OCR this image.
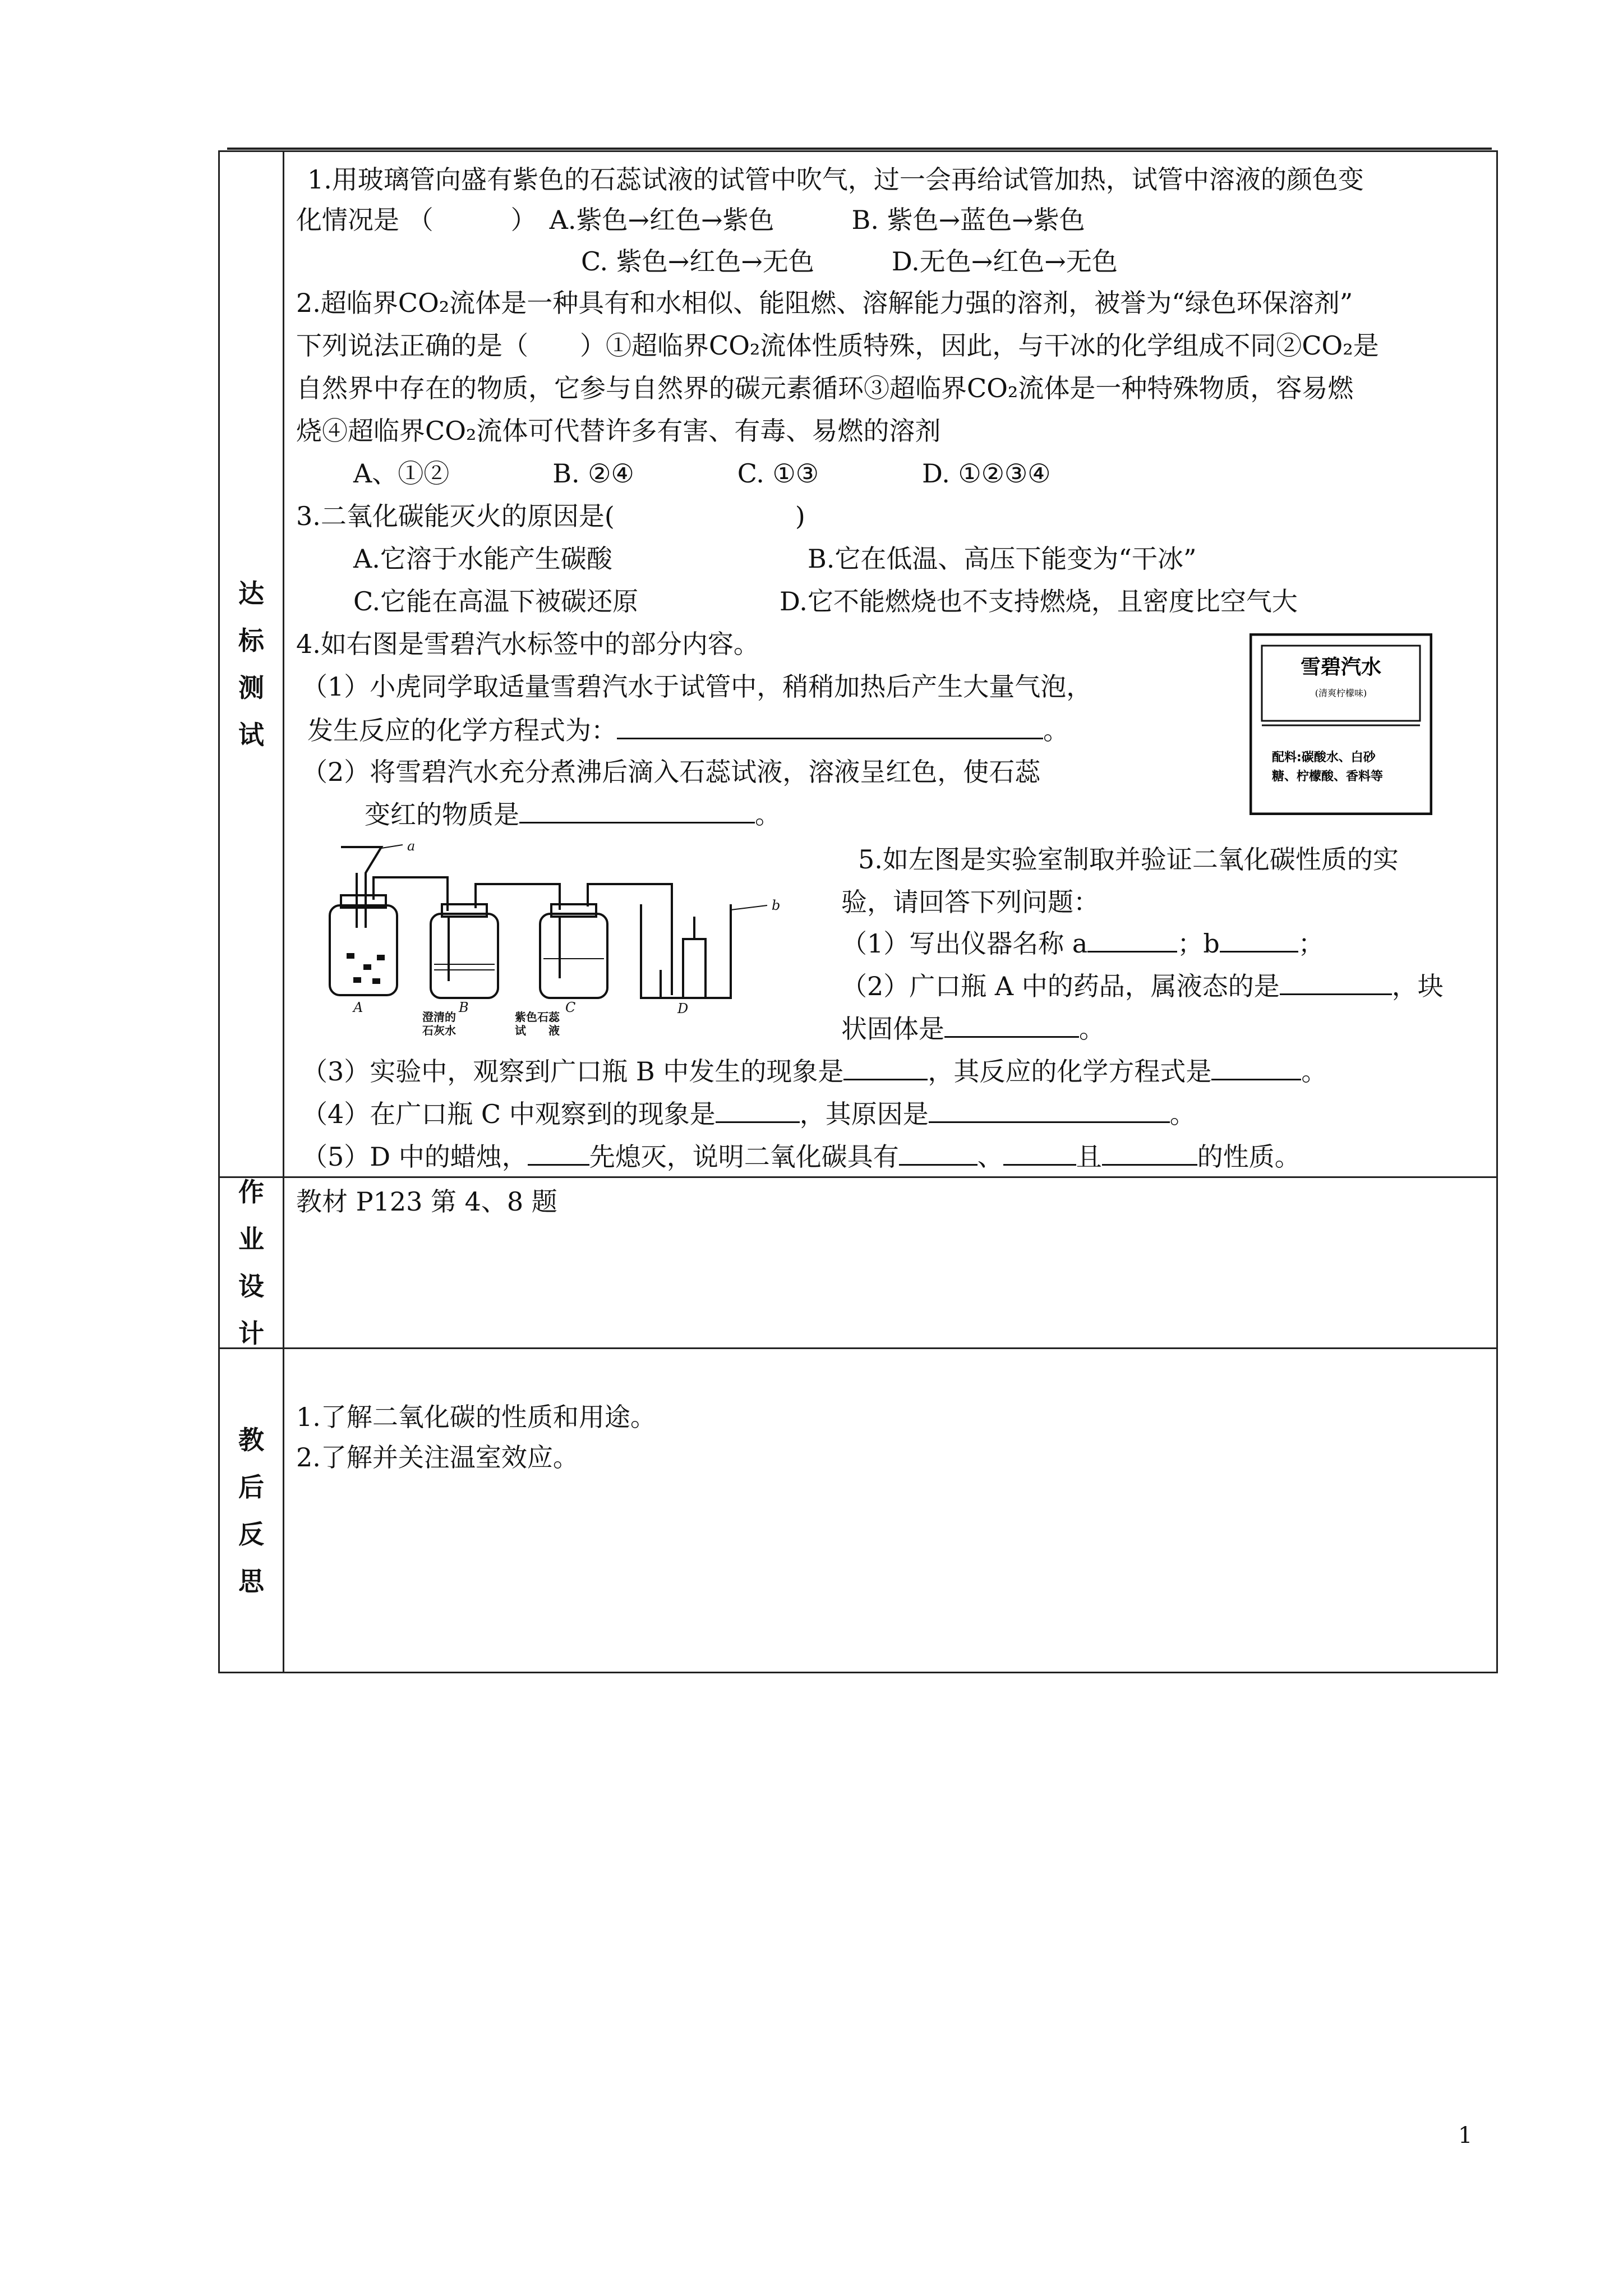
达
标
测
试
作
业
设
计
教
后
反
思
1.用玻璃管向盛有紫色的石蕊试液的试管中吹气，过一会再给试管加热，试管中溶液的颜色变
化情况是 （　　　）　A.紫色→红色→紫色　　　B. 紫色→蓝色→紫色
C. 紫色→红色→无色　　　D.无色→红色→无色
2.超临界CO₂流体是一种具有和水相似、能阻燃、溶解能力强的溶剂，被誉为“绿色环保溶剂”
下列说法正确的是（　　）①超临界CO₂流体性质特殊，因此，与干冰的化学组成不同②CO₂是
自然界中存在的物质，它参与自然界的碳元素循环③超临界CO₂流体是一种特殊物质，容易燃
烧④超临界CO₂流体可代替许多有害、有毒、易燃的溶剂
A、①②　　　　B. ②④　　　　C. ①③　　　　D. ①②③④
3.二氧化碳能灭火的原因是(　　　　　　　)
A.它溶于水能产生碳酸	B.它在低温、高压下能变为“干冰”
C.它能在高温下被碳还原	D.它不能燃烧也不支持燃烧，且密度比空气大
4.如右图是雪碧汽水标签中的部分内容。
（1）小虎同学取适量雪碧汽水于试管中，稍稍加热后产生大量气泡，
发生反应的化学方程式为：	。
（2）将雪碧汽水充分煮沸后滴入石蕊试液，溶液呈红色，使石蕊
变红的物质是	。
雪碧汽水
(清爽柠檬味)
配料:碳酸水、白砂
糖、柠檬酸、香料等
a
b
A	B	C	D
澄清的
石灰水
紫色石蕊
试　　液
5.如左图是实验室制取并验证二氧化碳性质的实
验，请回答下列问题：
（1）写出仪器名称 a	；b	；
（2）广口瓶 A 中的药品，属液态的是	，块
状固体是	。
（3）实验中，观察到广口瓶 B 中发生的现象是	，其反应的化学方程式是	。
（4）在广口瓶 C 中观察到的现象是	，其原因是	。
（5）D 中的蜡烛， 先熄灭，说明二氧化碳具有	、	且	的性质。
教材 P123 第 4、8 题
1.了解二氧化碳的性质和用途。
2.了解并关注温室效应。
1
